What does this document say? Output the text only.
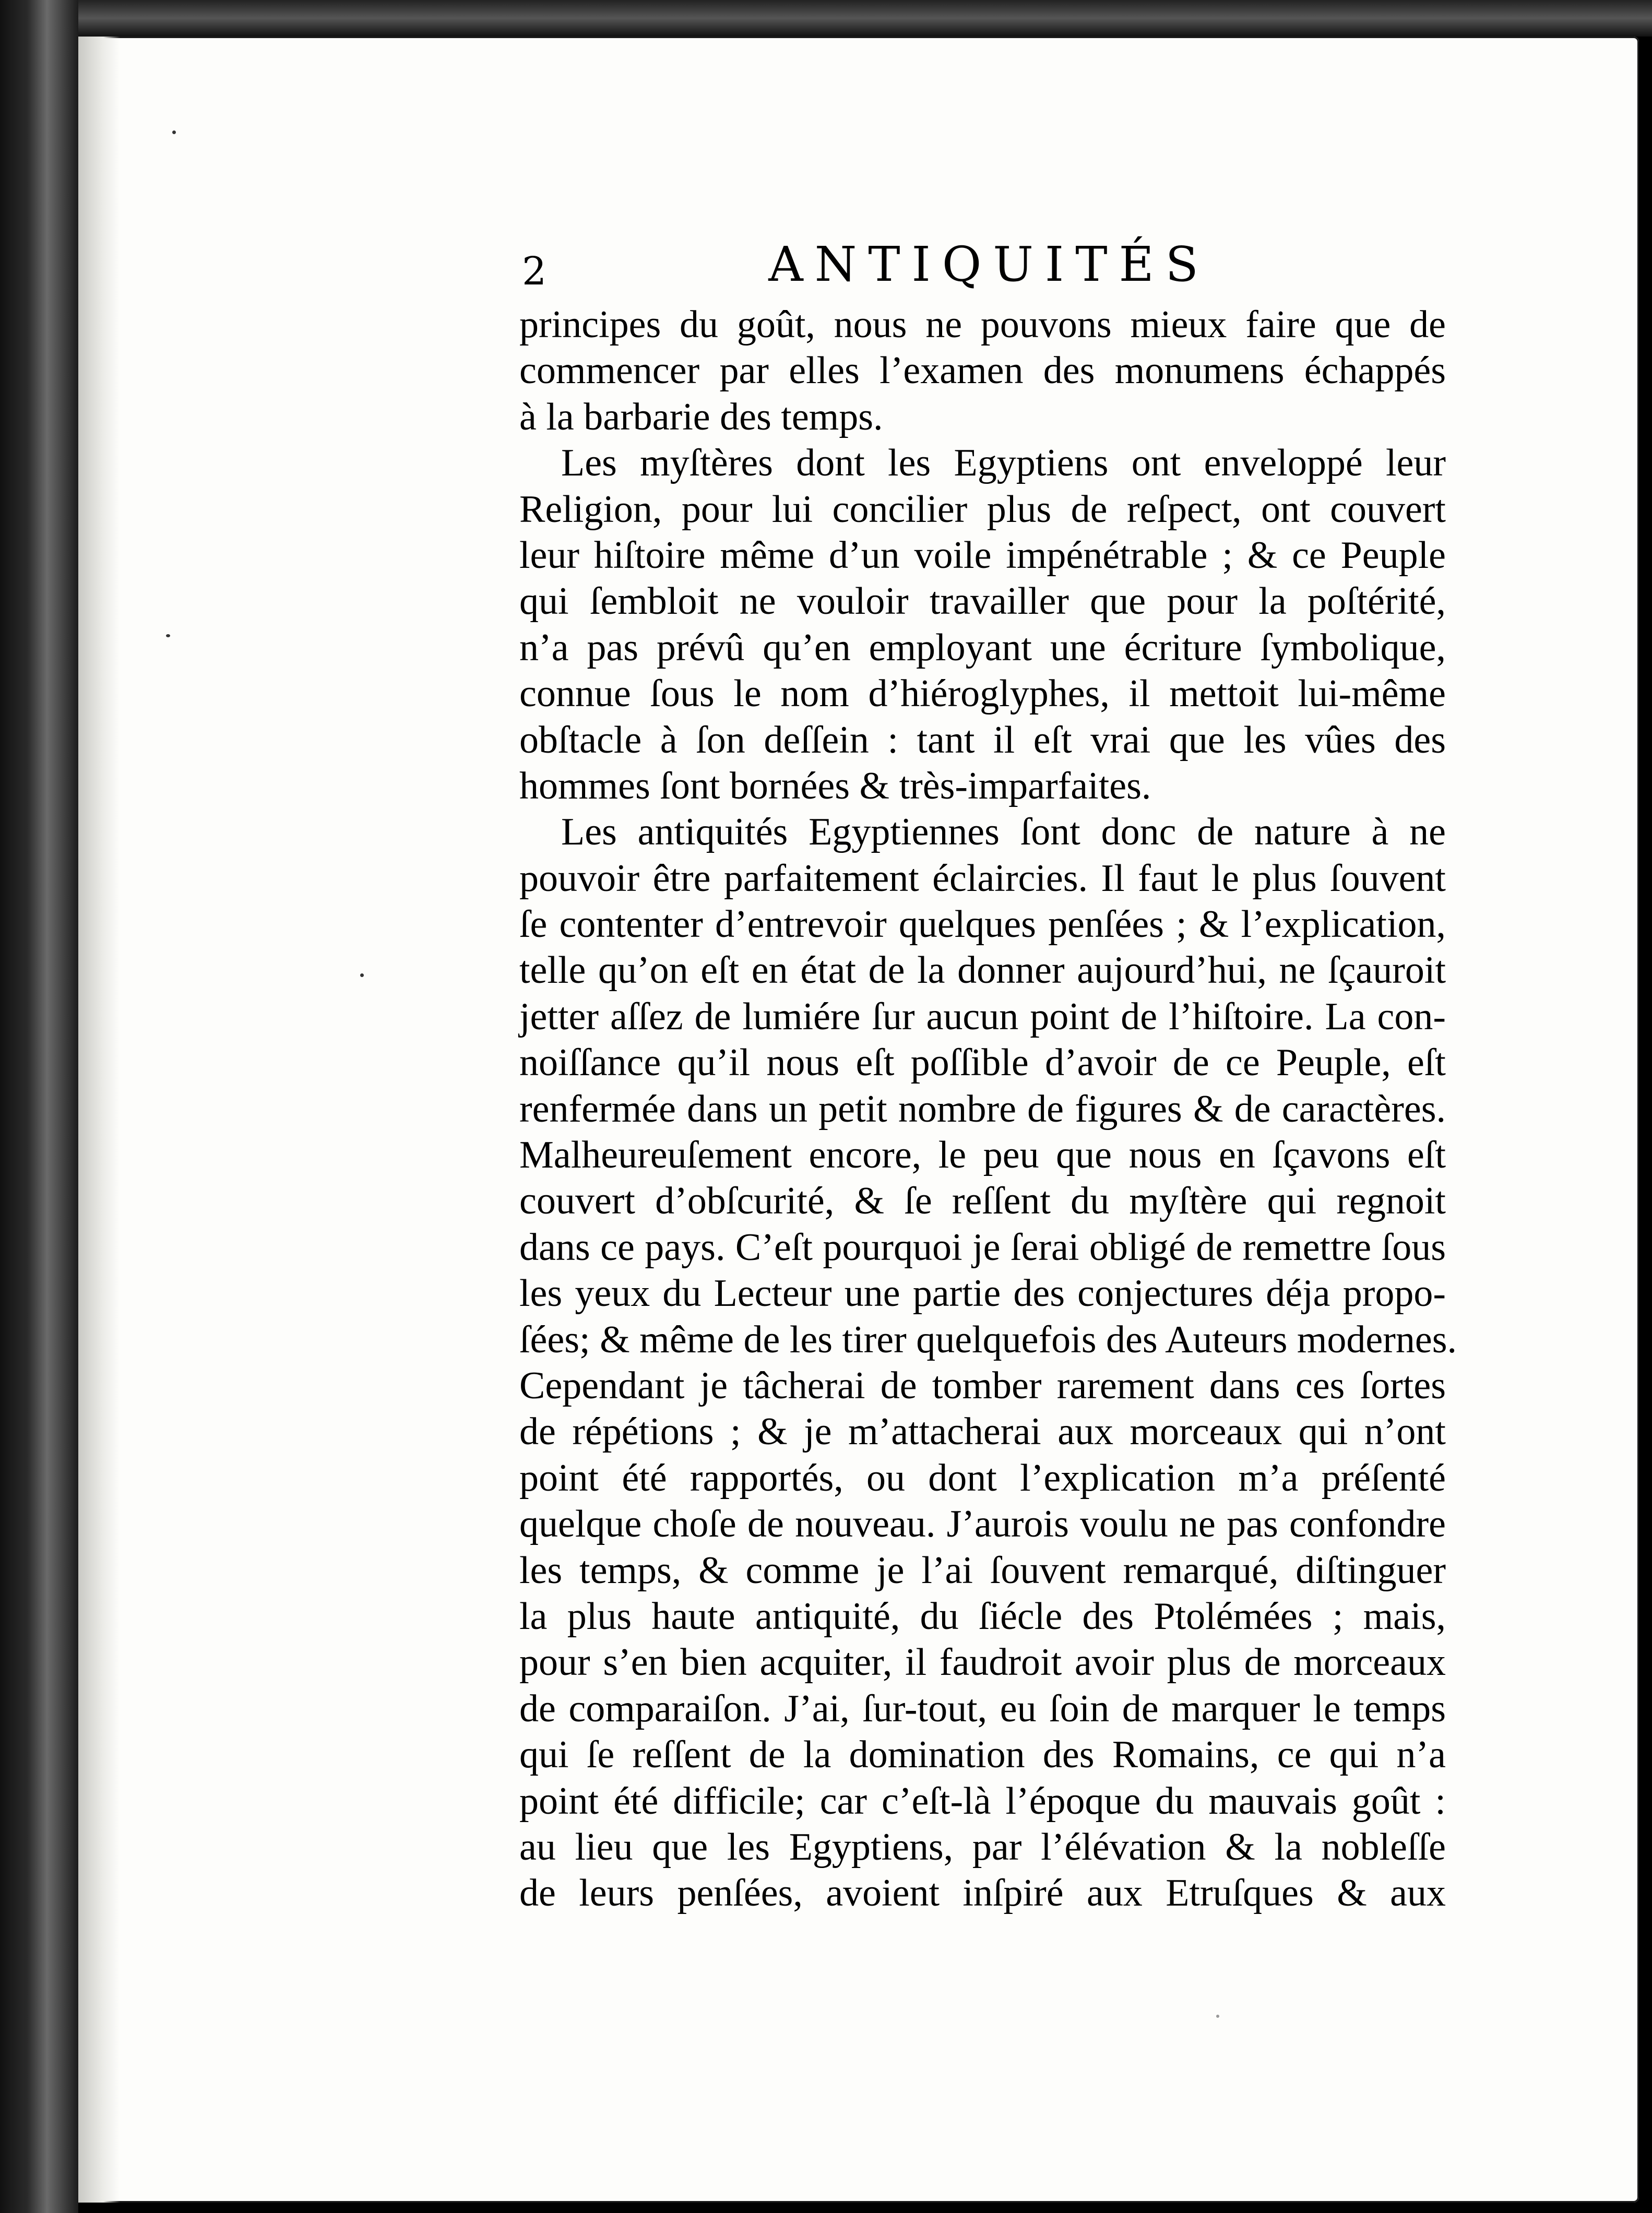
2	ANTIQUITÉS
principes du goût, nous ne pouvons mieux faire que de
commencer par elles l’examen des monumens échappés
à la barbarie des temps.
Les myſtères dont les Egyptiens ont enveloppé leur
Religion, pour lui concilier plus de reſpect, ont couvert
leur hiſtoire même d’un voile impénétrable ; & ce Peuple
qui ſembloit ne vouloir travailler que pour la poſtérité,
n’a pas prévû qu’en employant une écriture ſymbolique,
connue ſous le nom d’hiéroglyphes, il mettoit lui-même
obſtacle à ſon deſſein : tant il eſt vrai que les vûes des
hommes ſont bornées & très-imparfaites.
Les antiquités Egyptiennes ſont donc de nature à ne
pouvoir être parfaitement éclaircies. Il faut le plus ſouvent
ſe contenter d’entrevoir quelques penſées ; & l’explication,
telle qu’on eſt en état de la donner aujourd’hui, ne ſçauroit
jetter aſſez de lumiére ſur aucun point de l’hiſtoire. La con-
noiſſance qu’il nous eſt poſſible d’avoir de ce Peuple, eſt
renfermée dans un petit nombre de figures & de caractères.
Malheureuſement encore, le peu que nous en ſçavons eſt
couvert d’obſcurité, & ſe reſſent du myſtère qui regnoit
dans ce pays. C’eſt pourquoi je ſerai obligé de remettre ſous
les yeux du Lecteur une partie des conjectures déja propo-
ſées; & même de les tirer quelquefois des Auteurs modernes.
Cependant je tâcherai de tomber rarement dans ces ſortes
de répétions ; & je m’attacherai aux morceaux qui n’ont
point été rapportés, ou dont l’explication m’a préſenté
quelque choſe de nouveau. J’aurois voulu ne pas confondre
les temps, & comme je l’ai ſouvent remarqué, diſtinguer
la plus haute antiquité, du ſiécle des Ptolémées ; mais,
pour s’en bien acquiter, il faudroit avoir plus de morceaux
de comparaiſon. J’ai, ſur-tout, eu ſoin de marquer le temps
qui ſe reſſent de la domination des Romains, ce qui n’a
point été difficile; car c’eſt-là l’époque du mauvais goût :
au lieu que les Egyptiens, par l’élévation & la nobleſſe
de leurs penſées, avoient inſpiré aux Etruſques & aux
